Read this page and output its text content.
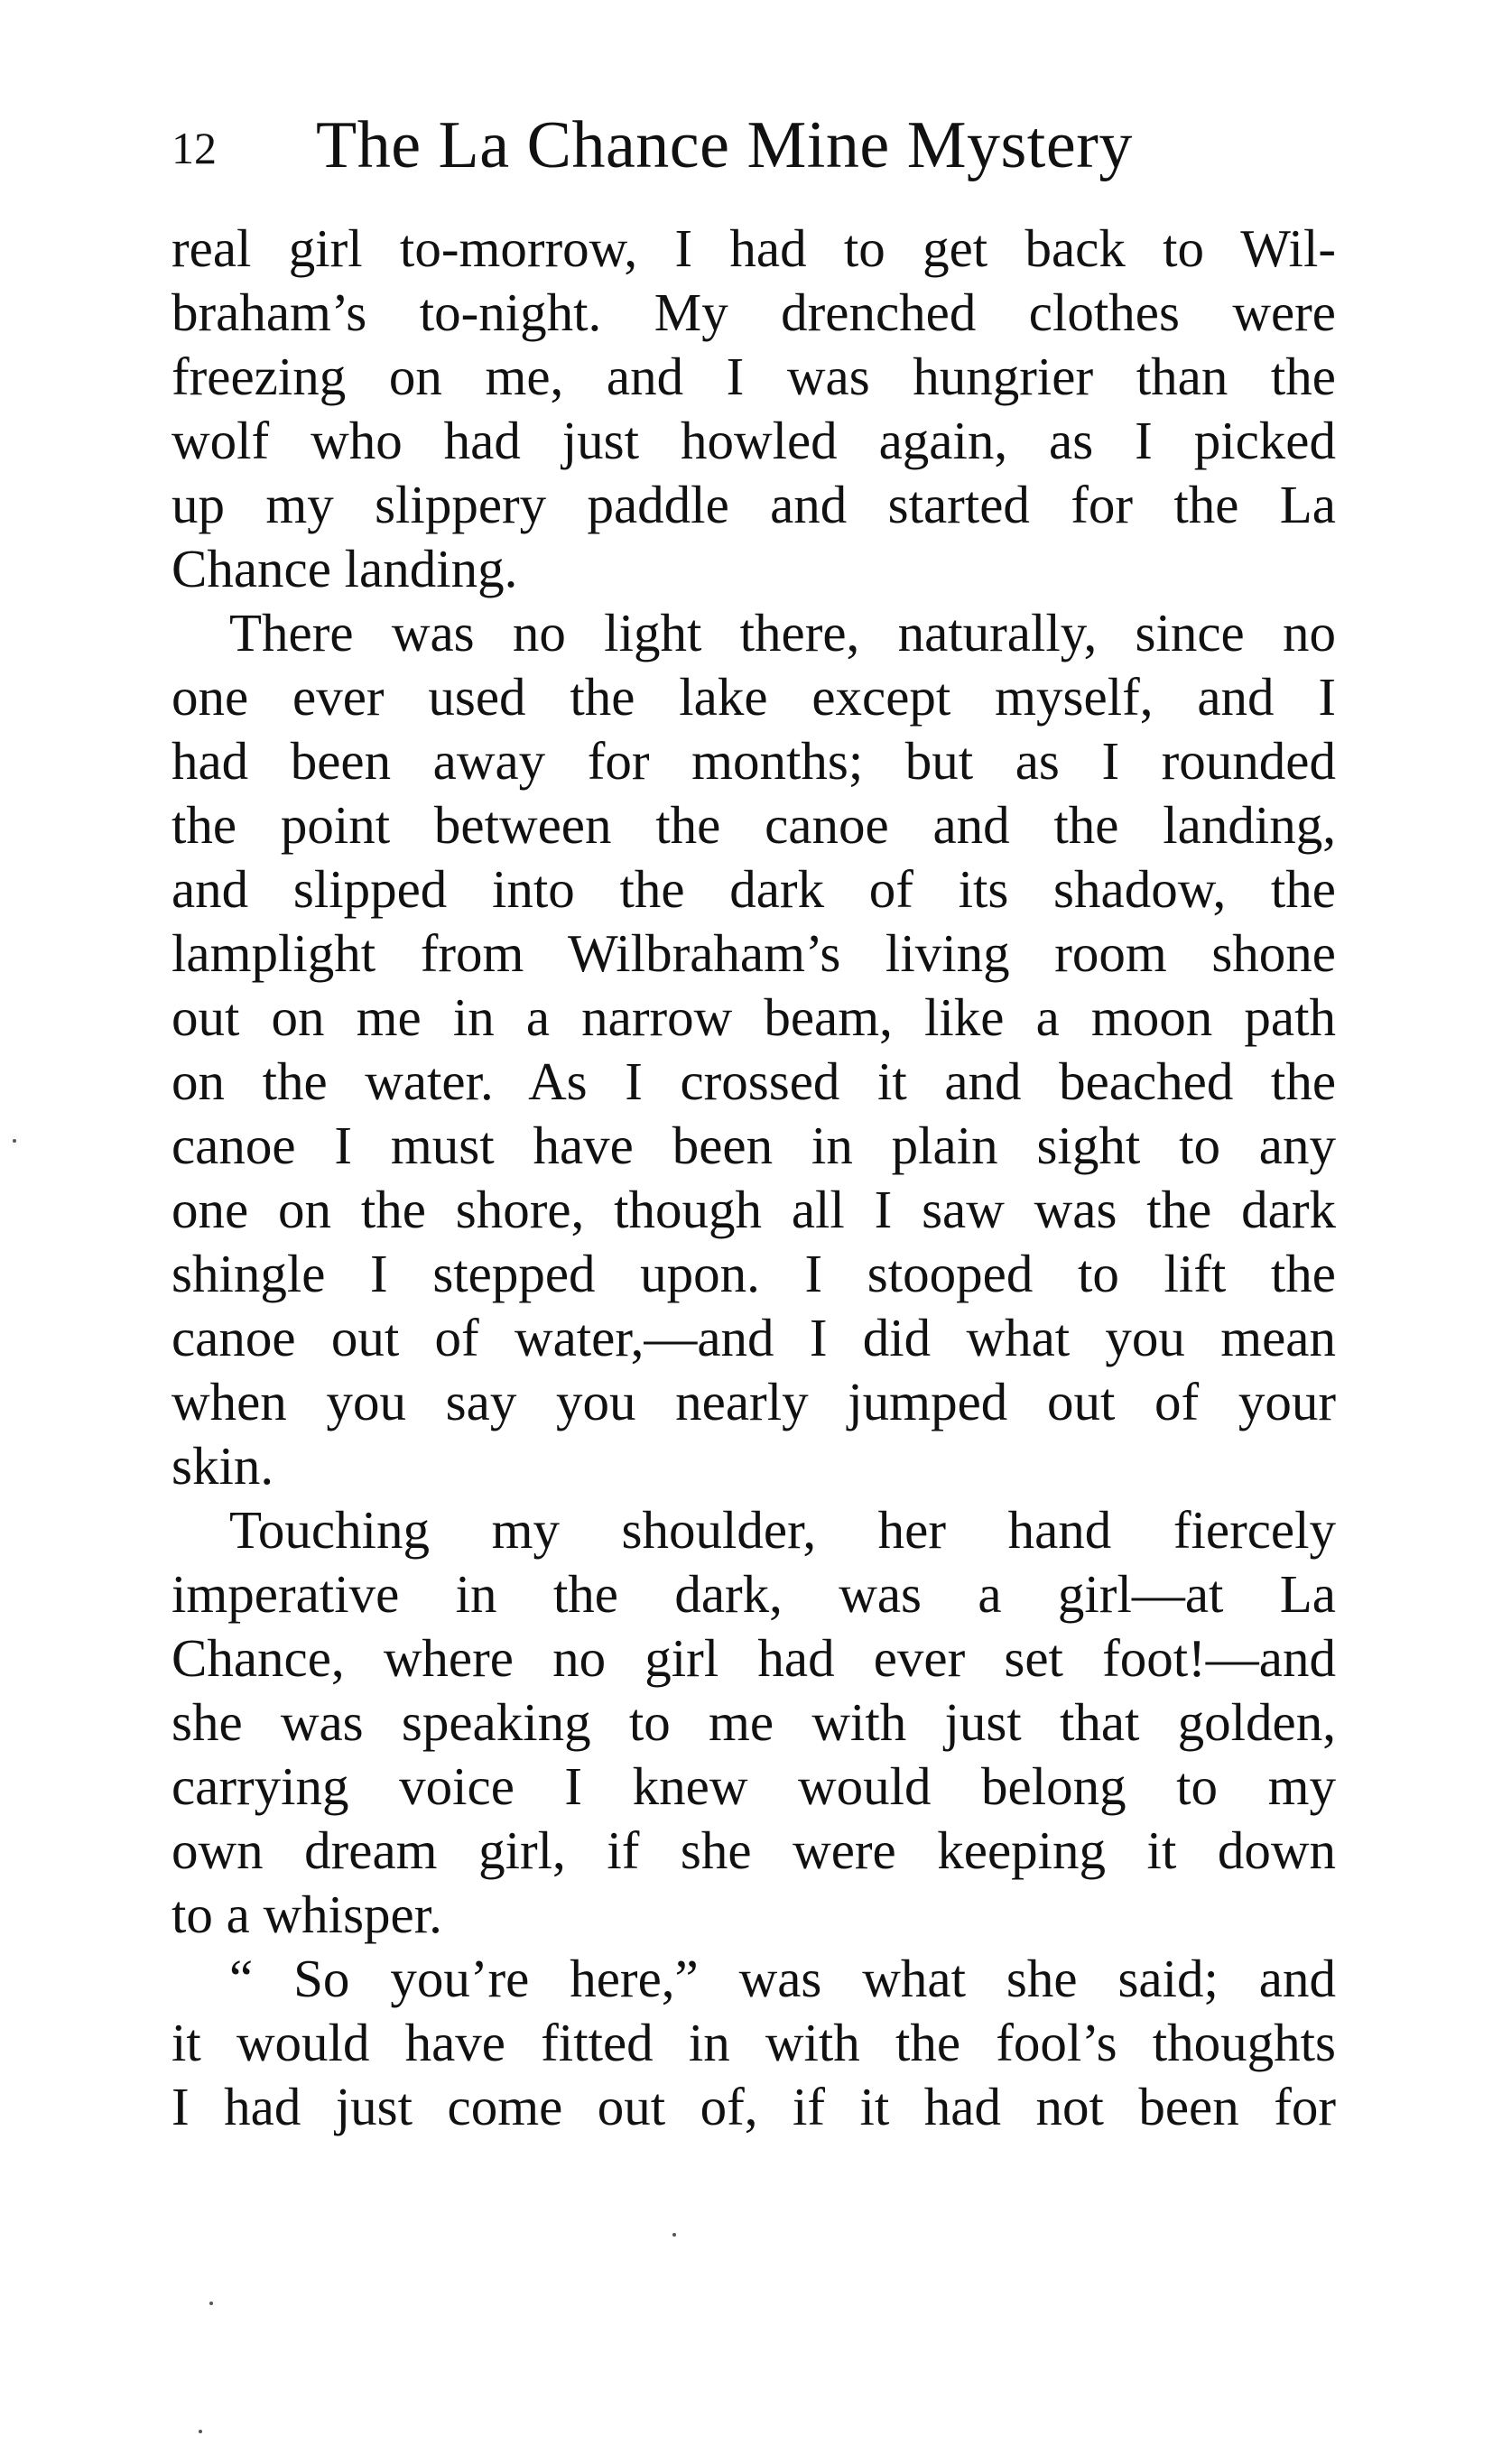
12 The La Chance Mine Mystery
real girl to-morrow, I had to get back to Wil-
braham’s to-night. My drenched clothes were
freezing on me, and I was hungrier than the
wolf who had just howled again, as I picked
up my slippery paddle and started for the La
Chance landing.
There was no light there, naturally, since no
one ever used the lake except myself, and I
had been away for months; but as I rounded
the point between the canoe and the landing,
and slipped into the dark of its shadow, the
lamplight from Wilbraham’s living room shone
out on me in a narrow beam, like a moon path
on the water. As I crossed it and beached the
canoe I must have been in plain sight to any
one on the shore, though all I saw was the dark
shingle I stepped upon. I stooped to lift the
canoe out of water,—and I did what you mean
when you say you nearly jumped out of your
skin.
Touching my shoulder, her hand fiercely
imperative in the dark, was a girl—at La
Chance, where no girl had ever set foot!—and
she was speaking to me with just that golden,
carrying voice I knew would belong to my
own dream girl, if she were keeping it down
to a whisper.
“ So you’re here,” was what she said; and
it would have fitted in with the fool’s thoughts
I had just come out of, if it had not been for
